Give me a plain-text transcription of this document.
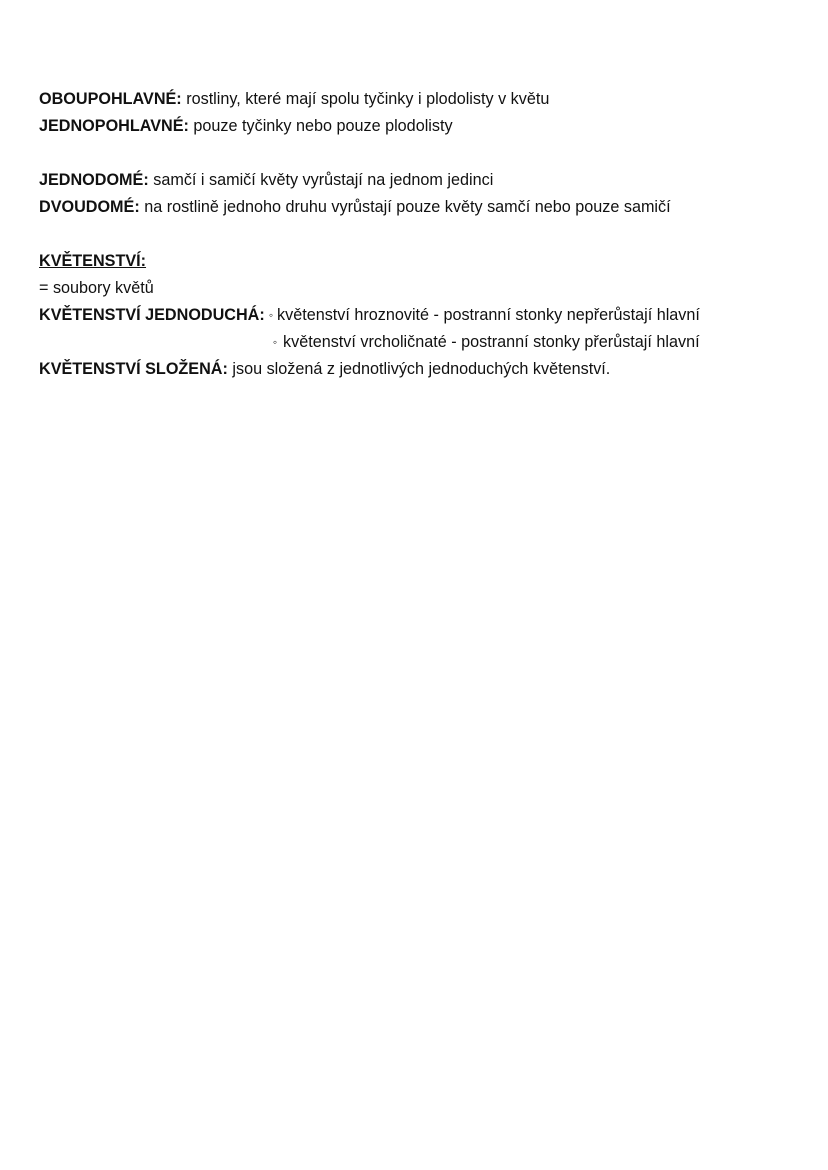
OBOUPOHLAVNÉ: rostliny, které mají spolu tyčinky i plodolisty v květu
JEDNOPOHLAVNÉ: pouze tyčinky nebo pouze plodolisty
JEDNODOMÉ: samčí i samičí květy vyrůstají na jednom jedinci
DVOUDOMÉ: na rostlině jednoho druhu vyrůstají pouze květy samčí nebo pouze samičí
KVĚTENSTVÍ:
= soubory květů
KVĚTENSTVÍ JEDNODUCHÁ: ◦ květenství hroznovité - postranní stonky nepřerůstají hlavní
◦ květenství vrcholičnaté - postranní stonky přerůstají hlavní
KVĚTENSTVÍ SLOŽENÁ: jsou složená z jednotlivých jednoduchých květenství.
